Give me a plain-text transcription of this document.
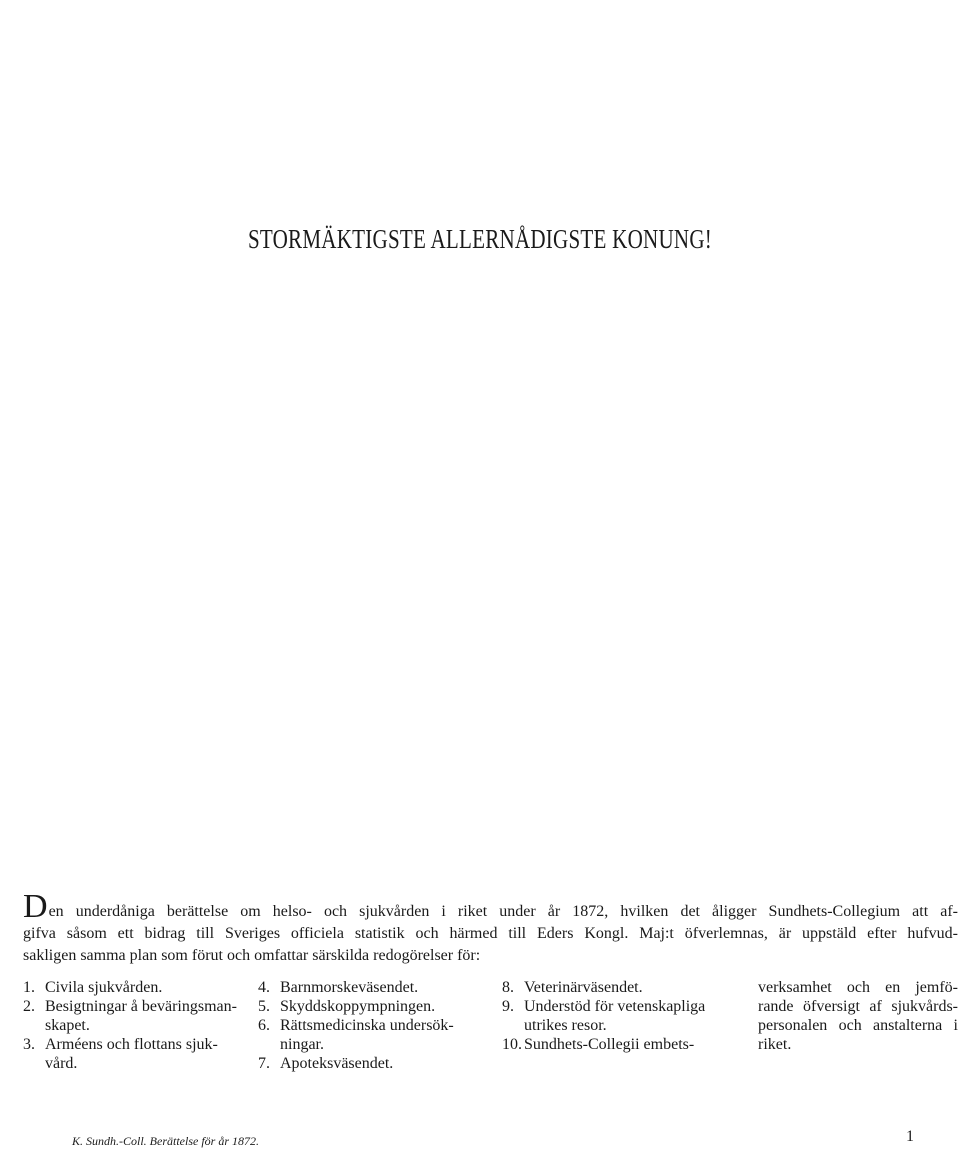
STORMÄKTIGSTE ALLERNÅDIGSTE KONUNG!
Den underdåniga berättelse om helso- och sjukvården i riket under år 1872, hvilken det åligger Sundhets-Collegium att af-
gifva såsom ett bidrag till Sveriges officiela statistik och härmed till Eders Kongl. Maj:t öfverlemnas, är uppstäld efter hufvud-
sakligen samma plan som förut och omfattar särskilda redogörelser för:
1. Civila sjukvården.
2. Besigtningar å beväringsman-
skapet.
3. Arméens och flottans sjuk-
vård.
4. Barnmorskeväsendet.
5. Skyddskoppympningen.
6. Rättsmedicinska undersök-
ningar.
7. Apoteksväsendet.
8. Veterinärväsendet.
9. Understöd för vetenskapliga
utrikes resor.
10. Sundhets-Collegii embets-
verksamhet och en jemfö-
rande öfversigt af sjukvårds-
personalen och anstalterna i
riket.
K. Sundh.-Coll. Berättelse för år 1872.	1
